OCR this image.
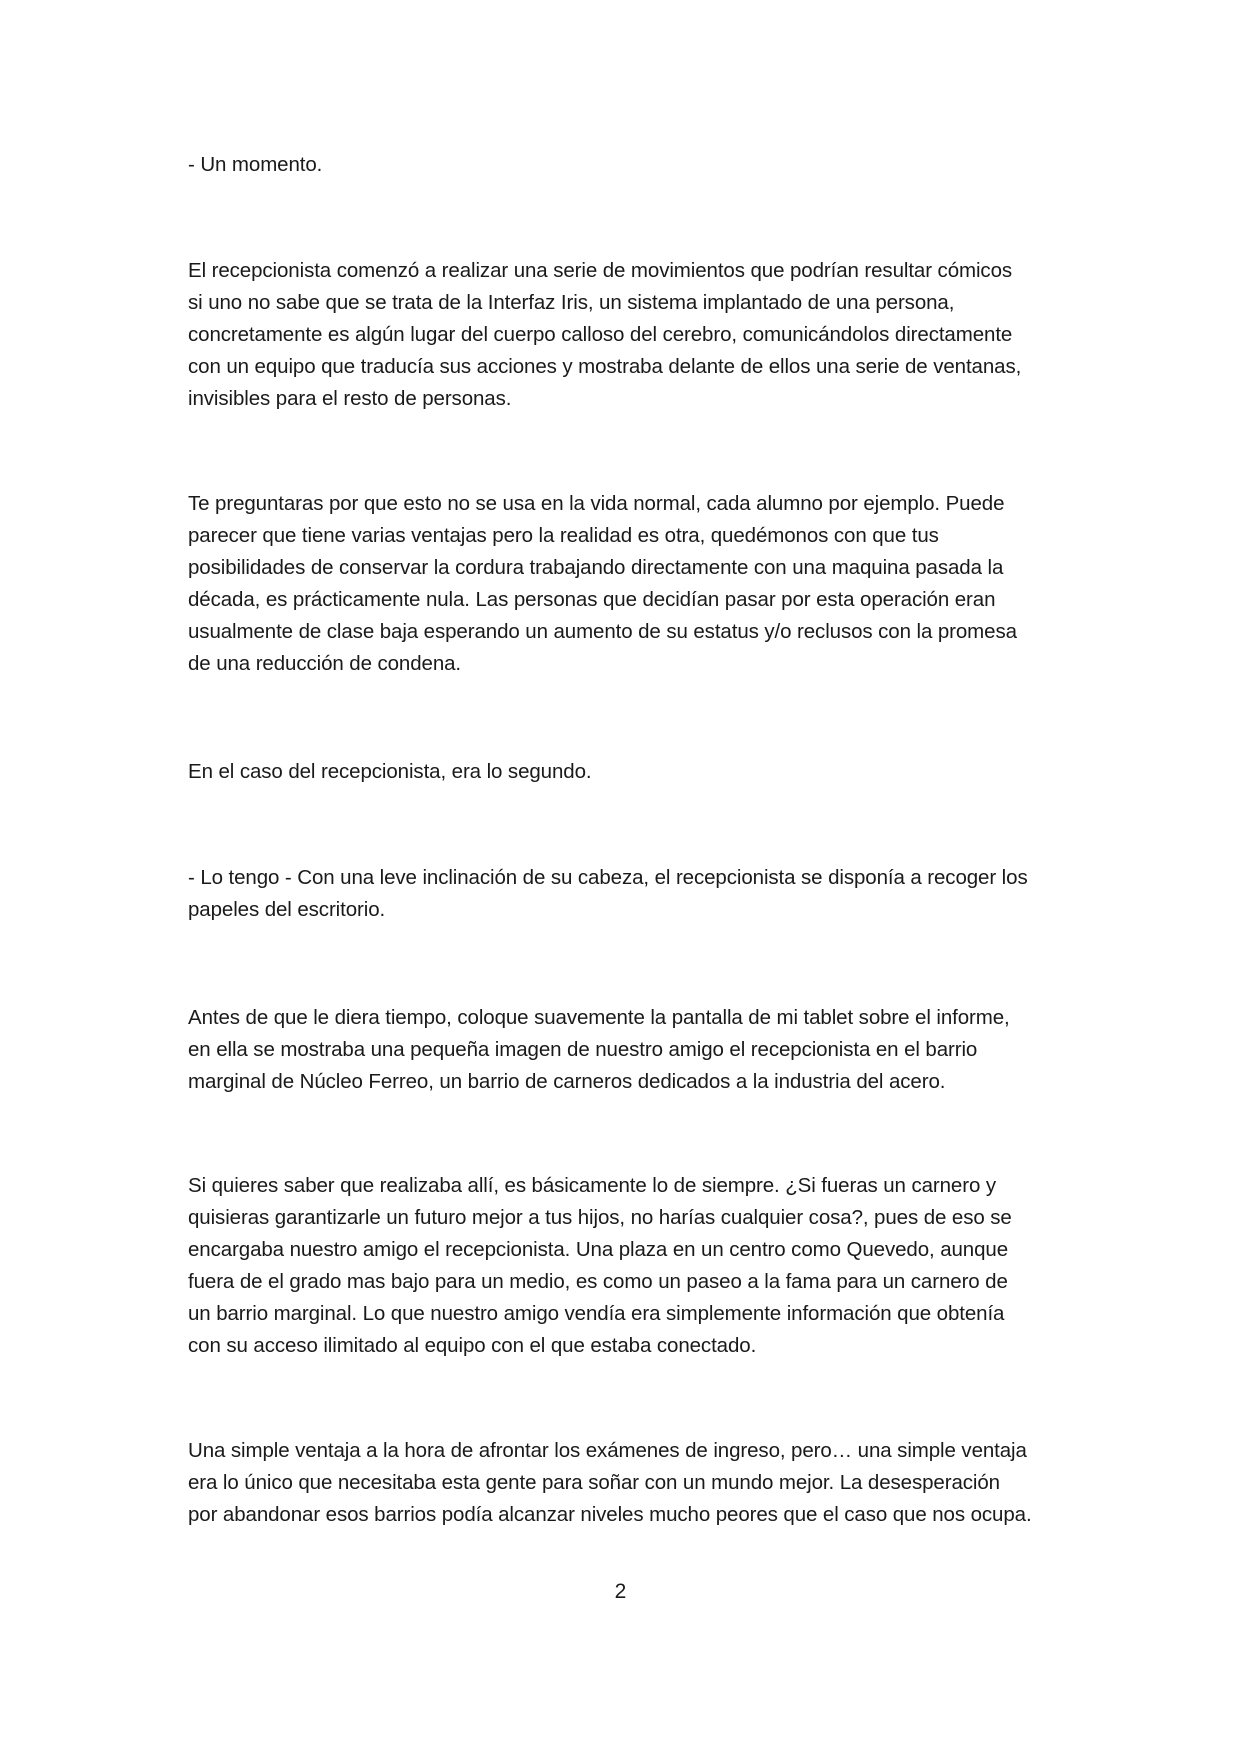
- Un momento.
El recepcionista comenzó a realizar una serie de movimientos que podrían resultar cómicos
si uno no sabe que se trata de la Interfaz Iris, un sistema implantado de una persona,
concretamente es algún lugar del cuerpo calloso del cerebro, comunicándolos directamente
con un equipo que traducía sus acciones y mostraba delante de ellos una serie de ventanas,
invisibles para el resto de personas.
Te preguntaras por que esto no se usa en la vida normal, cada alumno por ejemplo. Puede
parecer que tiene varias ventajas pero la realidad es otra, quedémonos con que tus
posibilidades de conservar la cordura trabajando directamente con una maquina pasada la
década, es prácticamente nula. Las personas que decidían pasar por esta operación eran
usualmente de clase baja esperando un aumento de su estatus y/o reclusos con la promesa
de una reducción de condena.
En el caso del recepcionista, era lo segundo.
- Lo tengo - Con una leve inclinación de su cabeza, el recepcionista se disponía a recoger los
papeles del escritorio.
Antes de que le diera tiempo, coloque suavemente la pantalla de mi tablet sobre el informe,
en ella se mostraba una pequeña imagen de nuestro amigo el recepcionista en el barrio
marginal de Núcleo Ferreo, un barrio de carneros dedicados a la industria del acero.
Si quieres saber que realizaba allí, es básicamente lo de siempre. ¿Si fueras un carnero y
quisieras garantizarle un futuro mejor a tus hijos, no harías cualquier cosa?, pues de eso se
encargaba nuestro amigo el recepcionista. Una plaza en un centro como Quevedo, aunque
fuera de el grado mas bajo para un medio, es como un paseo a la fama para un carnero de
un barrio marginal. Lo que nuestro amigo vendía era simplemente información que obtenía
con su acceso ilimitado al equipo con el que estaba conectado.
Una simple ventaja a la hora de afrontar los exámenes de ingreso, pero… una simple ventaja
era lo único que necesitaba esta gente para soñar con un mundo mejor. La desesperación
por abandonar esos barrios podía alcanzar niveles mucho peores que el caso que nos ocupa.
2
